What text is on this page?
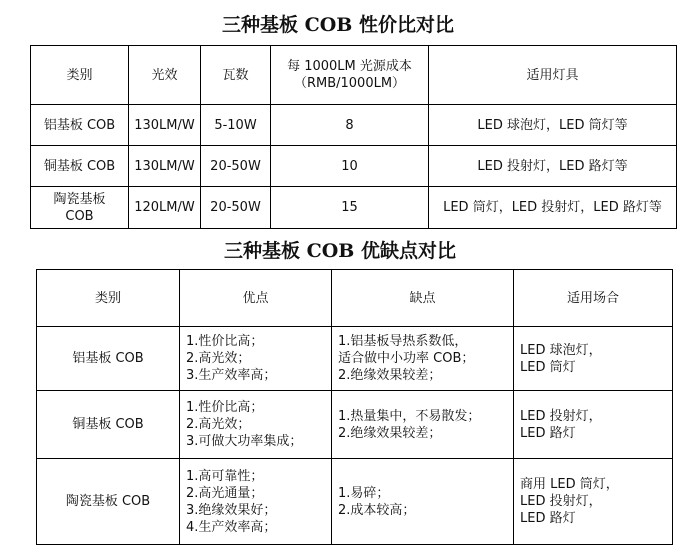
三种基板 COB 性价比对比
类别	光效	瓦数	每 1000LM 光源成本
（RMB/1000LM）	适用灯具
铝基板 COB	130LM/W	5-10W	8	LED 球泡灯，LED 筒灯等
铜基板 COB	130LM/W	20-50W	10	LED 投射灯，LED 路灯等

陶瓷基板
COB	120LM/W	20-50W	15	LED 筒灯，LED 投射灯，LED 路灯等
三种基板 COB 优缺点对比
类别	优点	缺点	适用场合
铝基板 COB	1.性价比高；
2.高光效；
3.生产效率高；	1.铝基板导热系数低，
适合做中小功率 COB；
2.绝缘效果较差；	LED 球泡灯，
LED 筒灯

铜基板 COB	1.性价比高；
2.高光效；
3.可做大功率集成；	1.热量集中，不易散发；
2.绝缘效果较差；	LED 投射灯，
LED 路灯

陶瓷基板 COB	1.高可靠性；
2.高光通量；
3.绝缘效果好；
4.生产效率高；	1.易碎；
2.成本较高；	商用 LED 筒灯，
LED 投射灯，
LED 路灯
